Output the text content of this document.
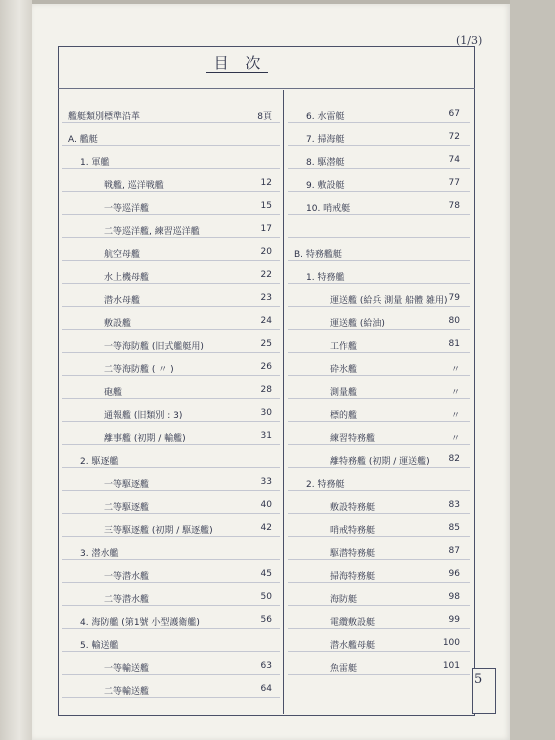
(1/3)
目 次
艦艇類別標準沿革	8頁
A. 艦艇
1. 軍艦
戦艦, 巡洋戦艦	12
一等巡洋艦	15
二等巡洋艦, 練習巡洋艦	17
航空母艦	20
水上機母艦	22
潜水母艦	23
敷設艦	24
一等海防艦 (旧式艦艇用)	25
二等海防艦 ( 〃 )	26
砲艦	28
通報艦 (旧類別 : 3)	30
離事艦 (初期 / 輸艦)	31
2. 駆逐艦
一等駆逐艦	33
二等駆逐艦	40
三等駆逐艦 (初期 / 駆逐艦)	42
3. 潜水艦
一等潜水艦	45
二等潜水艦	50
4. 海防艦 (第1號 小型護衛艦)	56
5. 輸送艦
一等輸送艦	63
二等輸送艦	64
6. 水雷艇	67
7. 掃海艇	72
8. 駆潜艇	74
9. 敷設艇	77
10. 哨戒艇	78
B. 特務艦艇
1. 特務艦
運送艦 (給兵 測量 船體 雑用) 79
運送艦 (給油)	80
工作艦	81
砕氷艦	〃
測量艦	〃
標的艦	〃
練習特務艦	〃
離特務艦 (初期 / 運送艦)	82
2. 特務艇
敷設特務艇	83
哨戒特務艇	85
駆潜特務艇	87
掃海特務艇	96
海防艇	98
電纜敷設艇	99
潜水艦母艇	100
魚雷艇	101
5
